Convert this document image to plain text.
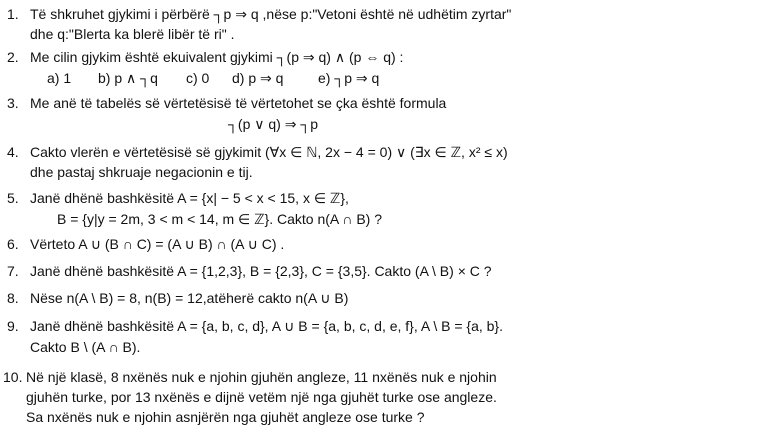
1. Të shkruhet gjykimi i përbërë ┐p ⇒ q ,nëse p:"Vetoni është në udhëtim zyrtar"
dhe q:"Blerta ka blerë libër të ri" .
2. Me cilin gjykim është ekuivalent gjykimi ┐(p ⇒ q) ∧ (p ⇔ q) :
a) 1 b) p ∧ ┐q c) 0 d) p ⇒ q e) ┐p ⇒ q
3. Me anë të tabelës së vërtetësisë të vërtetohet se çka është formula
┐(p ∨ q) ⇒ ┐p
4. Cakto vlerën e vërtetësisë së gjykimit (∀x ∈ ℕ, 2x − 4 = 0) ∨ (∃x ∈ ℤ, x² ≤ x)
dhe pastaj shkruaje negacionin e tij.
5. Janë dhënë bashkësitë A = {x| − 5 < x < 15, x ∈ ℤ},
B = {y|y = 2m, 3 < m < 14, m ∈ ℤ}. Cakto n(A ∩ B) ?
6. Vërteto A ∪ (B ∩ C) = (A ∪ B) ∩ (A ∪ C) .
7. Janë dhënë bashkësitë A = {1,2,3}, B = {2,3}, C = {3,5}. Cakto (A \ B) × C ?
8. Nëse n(A \ B) = 8, n(B) = 12,atëherë cakto n(A ∪ B)
9. Janë dhënë bashkësitë A = {a, b, c, d}, A ∪ B = {a, b, c, d, e, f}, A \ B = {a, b}.
Cakto B \ (A ∩ B).
10. Në një klasë, 8 nxënës nuk e njohin gjuhën angleze, 11 nxënës nuk e njohin
gjuhën turke, por 13 nxënës e dijnë vetëm një nga gjuhët turke ose angleze.
Sa nxënës nuk e njohin asnjërën nga gjuhët angleze ose turke ?
